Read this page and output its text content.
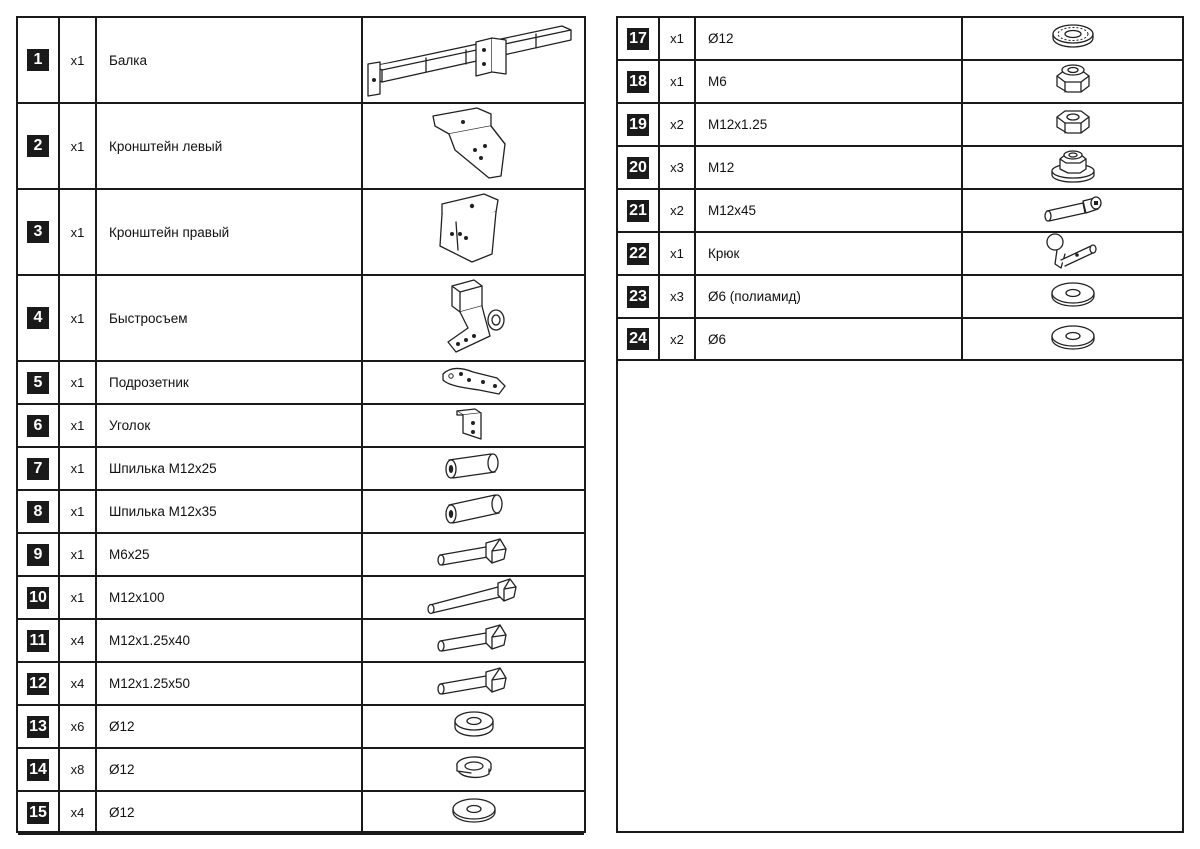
1	x1	Балка
2	x1	Кронштейн левый
3	x1	Кронштейн правый
4	x1	Быстросъем
5	x1	Подрозетник
6	x1	Уголок
7	x1	Шпилька M12x25
8	x1	Шпилька M12x35
9	x1	M6x25
10	x1	M12x100
11	x4	M12x1.25x40
12	x4	M12x1.25x50
13	x6	Ø12
14	x8	Ø12
15	x4	Ø12
17	x1	Ø12
18	x1	M6
19	x2	M12x1.25
20	x3	M12
21	x2	M12x45
22	x1	Крюк
23	x3	Ø6 (полиамид)
24	x2	Ø6
